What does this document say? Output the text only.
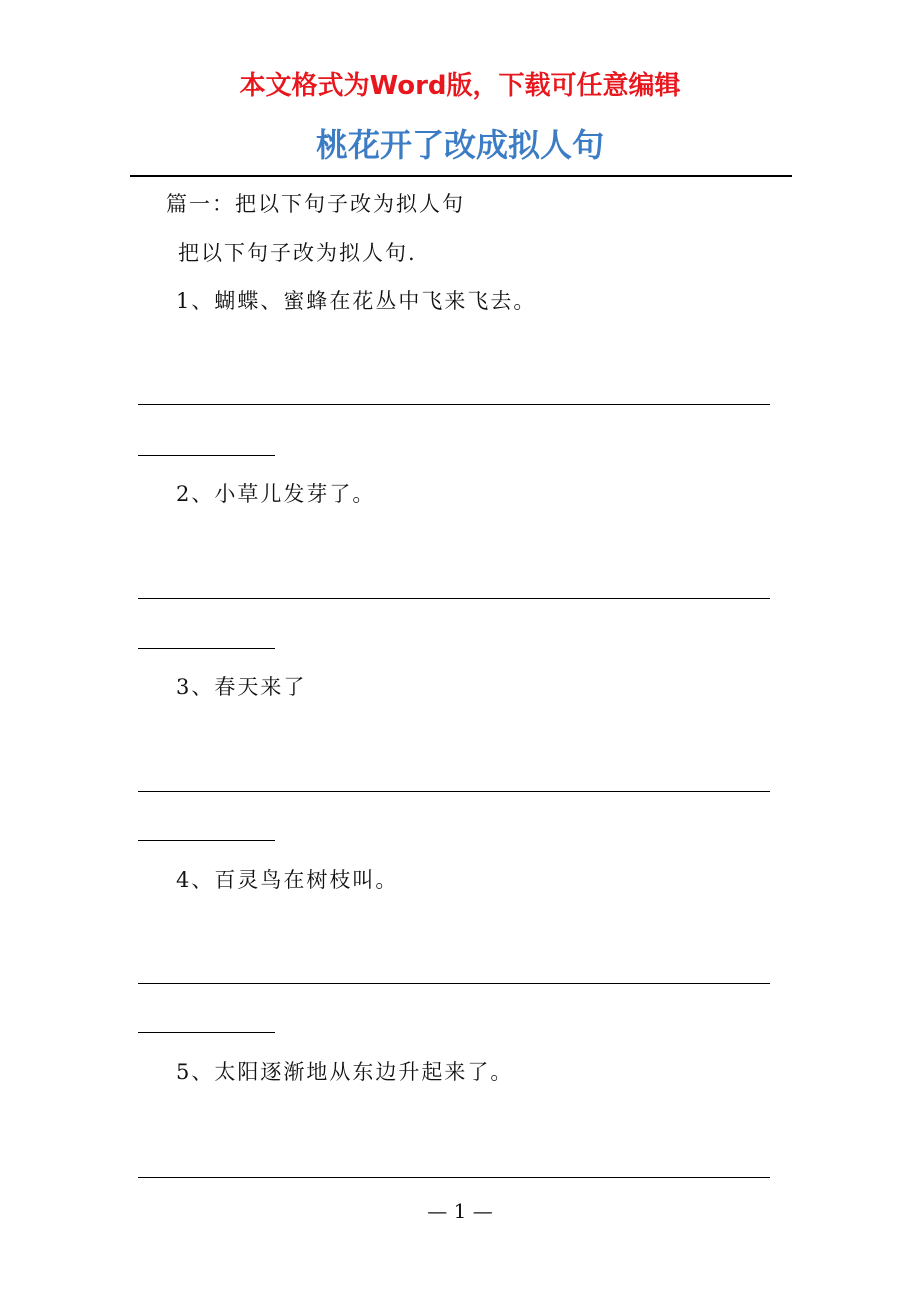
本文格式为Word版，下载可任意编辑
桃花开了改成拟人句
篇一：把以下句子改为拟人句
把以下句子改为拟人句.
1、蝴蝶、蜜蜂在花丛中飞来飞去。
2、小草儿发芽了。
3、春天来了
4、百灵鸟在树枝叫。
5、太阳逐渐地从东边升起来了。
— 1 —
